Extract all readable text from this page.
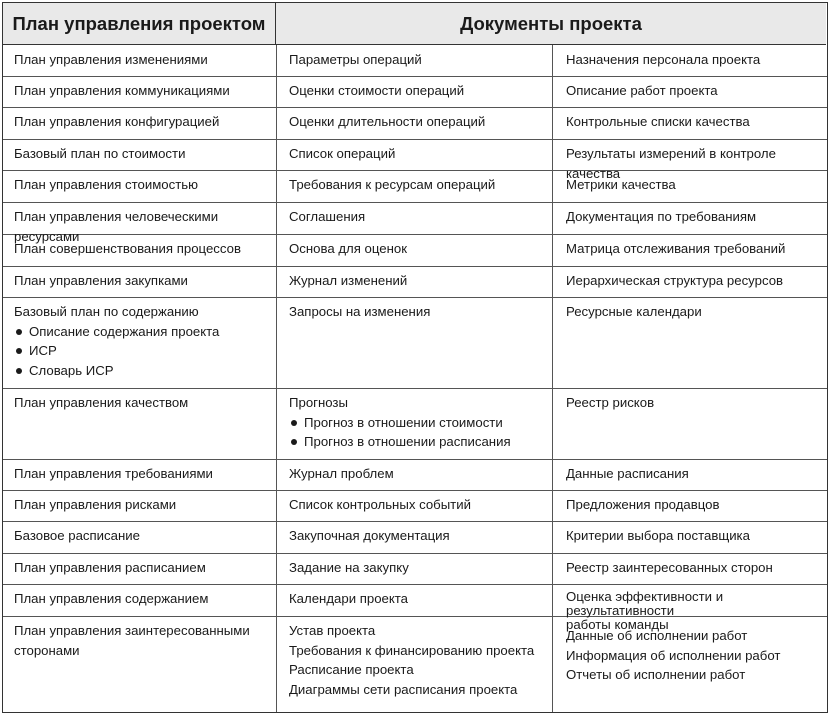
План управления проектом	Документы проекта
План управления изменениями
План управления коммуникациями
План управления конфигурацией
Базовый план по стоимости
План управления стоимостью
План управления человеческими ресурсами
План совершенствования процессов
План управления закупками
Базовый план по содержанию
Описание содержания проекта
ИСР
Словарь ИСР
План управления качеством
План управления требованиями
План управления рисками
Базовое расписание
План управления расписанием
План управления содержанием
План управления заинтересованными
сторонами
Параметры операций
Оценки стоимости операций
Оценки длительности операций
Список операций
Требования к ресурсам операций
Соглашения
Основа для оценок
Журнал изменений
Запросы на изменения
Прогнозы
Прогноз в отношении стоимости
Прогноз в отношении расписания
Журнал проблем
Список контрольных событий
Закупочная документация
Задание на закупку
Календари проекта
Устав проекта
Требования к финансированию проекта
Расписание проекта
Диаграммы сети расписания проекта
Назначения персонала проекта
Описание работ проекта
Контрольные списки качества
Результаты измерений в контроле качества
Метрики качества
Документация по требованиям
Матрица отслеживания требований
Иерархическая структура ресурсов
Ресурсные календари
Реестр рисков
Данные расписания
Предложения продавцов
Критерии выбора поставщика
Реестр заинтересованных сторон
Оценка эффективности и результативности
работы команды
Данные об исполнении работ
Информация об исполнении работ
Отчеты об исполнении работ
